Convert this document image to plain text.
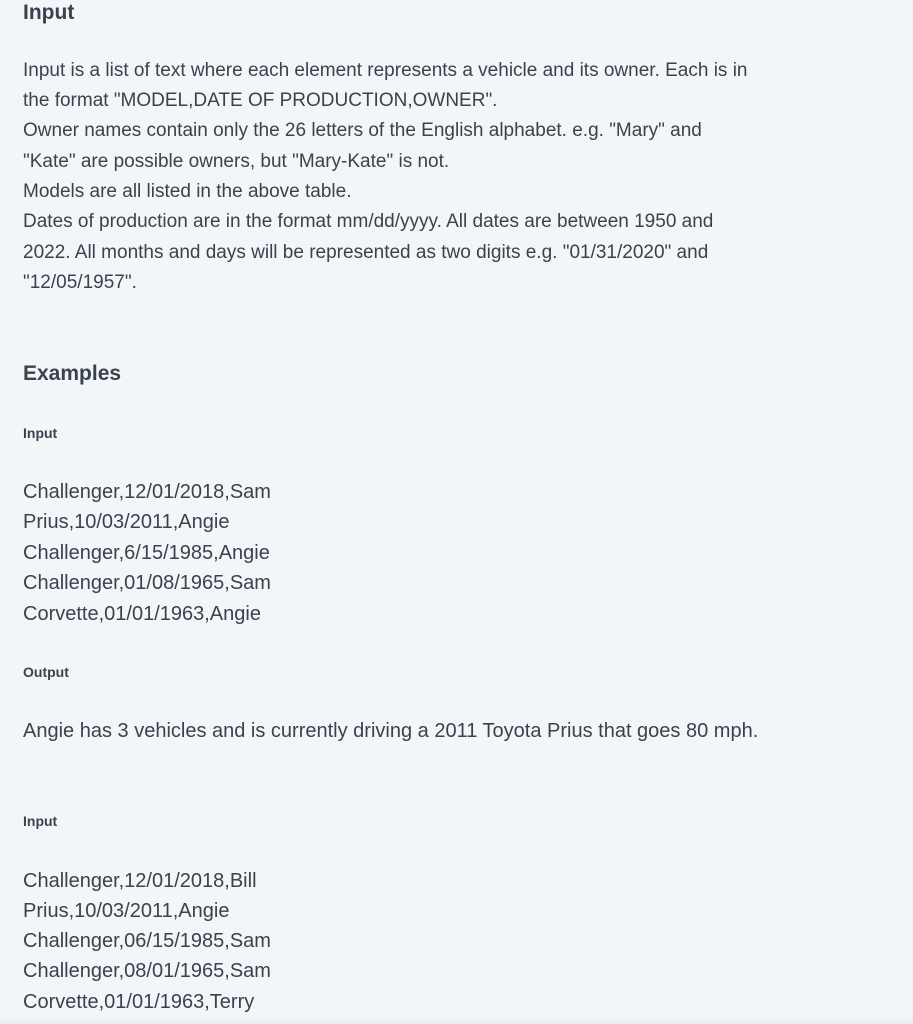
Input
Input is a list of text where each element represents a vehicle and its owner. Each is in
the format "MODEL,DATE OF PRODUCTION,OWNER".
Owner names contain only the 26 letters of the English alphabet. e.g. "Mary" and
"Kate" are possible owners, but "Mary-Kate" is not.
Models are all listed in the above table.
Dates of production are in the format mm/dd/yyyy. All dates are between 1950 and
2022. All months and days will be represented as two digits e.g. "01/31/2020" and
"12/05/1957".
Examples
Input
Challenger,12/01/2018,Sam
Prius,10/03/2011,Angie
Challenger,6/15/1985,Angie
Challenger,01/08/1965,Sam
Corvette,01/01/1963,Angie
Output
Angie has 3 vehicles and is currently driving a 2011 Toyota Prius that goes 80 mph.
Input
Challenger,12/01/2018,Bill
Prius,10/03/2011,Angie
Challenger,06/15/1985,Sam
Challenger,08/01/1965,Sam
Corvette,01/01/1963,Terry
